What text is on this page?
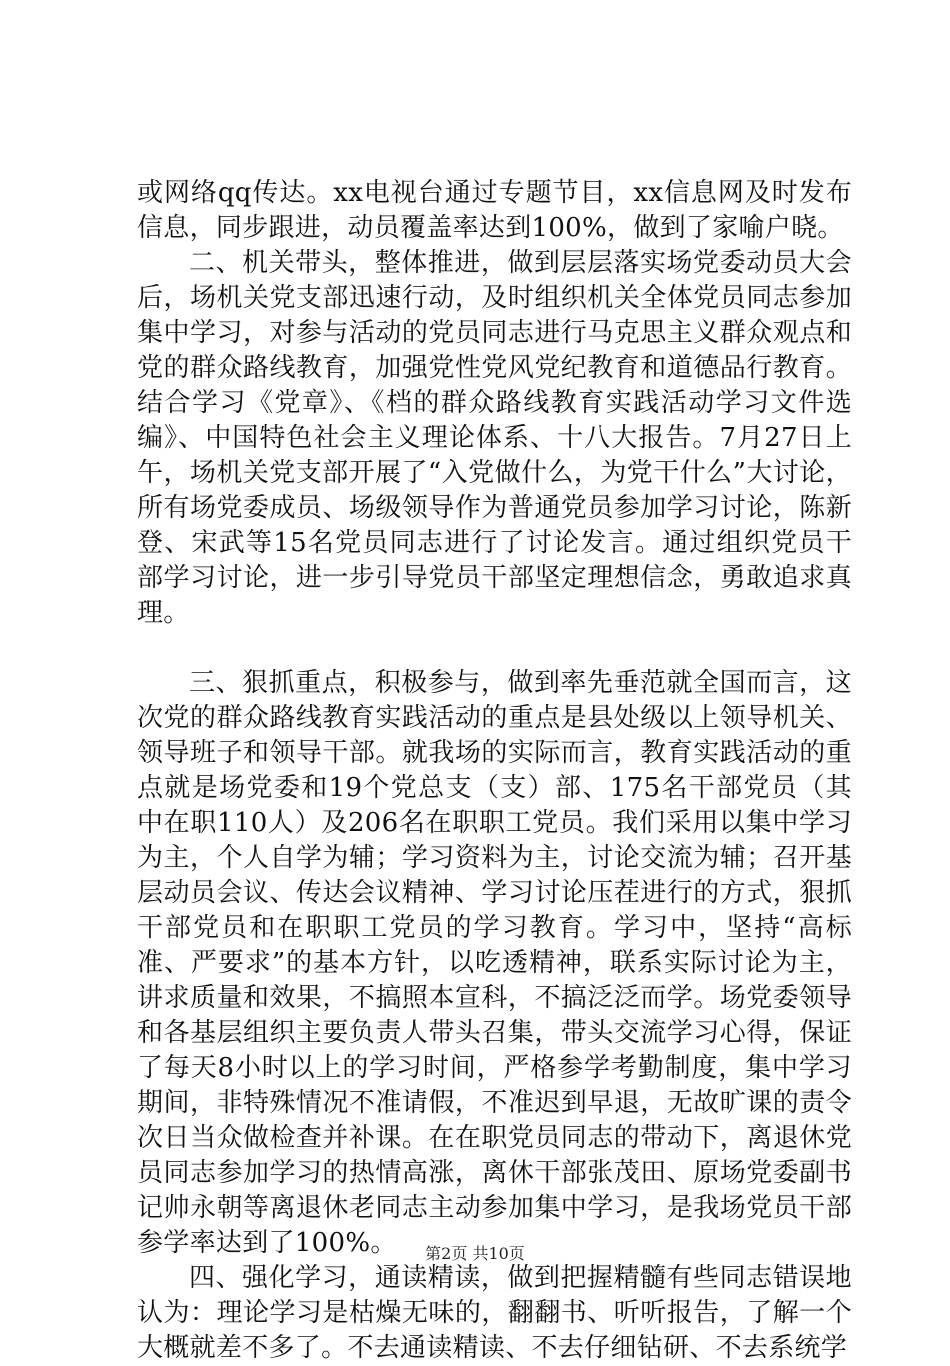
或网络qq传达。xx电视台通过专题节目，xx信息网及时发布信息，同步跟进，动员覆盖率达到100%，做到了家喻户晓。

二、机关带头，整体推进，做到层层落实场党委动员大会后，场机关党支部迅速行动，及时组织机关全体党员同志参加集中学习，对参与活动的党员同志进行马克思主义群众观点和党的群众路线教育，加强党性党风党纪教育和道德品行教育。结合学习《党章》、《档的群众路线教育实践活动学习文件选编》、中国特色社会主义理论体系、十八大报告。7月27日上午，场机关党支部开展了“入党做什么，为党干什么”大讨论，所有场党委成员、场级领导作为普通党员参加学习讨论，陈新登、宋武等15名党员同志进行了讨论发言。通过组织党员干部学习讨论，进一步引导党员干部坚定理想信念，勇敢追求真理。

三、狠抓重点，积极参与，做到率先垂范就全国而言，这次党的群众路线教育实践活动的重点是县处级以上领导机关、领导班子和领导干部。就我场的实际而言，教育实践活动的重点就是场党委和19个党总支（支）部、175名干部党员（其中在职110人）及206名在职职工党员。我们采用以集中学习为主，个人自学为辅；学习资料为主，讨论交流为辅；召开基层动员会议、传达会议精神、学习讨论压茬进行的方式，狠抓干部党员和在职职工党员的学习教育。学习中，坚持“高标准、严要求”的基本方针，以吃透精神，联系实际讨论为主，讲求质量和效果，不搞照本宣科，不搞泛泛而学。场党委领导和各基层组织主要负责人带头召集，带头交流学习心得，保证了每天8小时以上的学习时间，严格参学考勤制度，集中学习期间，非特殊情况不准请假，不准迟到早退，无故旷课的责令次日当众做检查并补课。在在职党员同志的带动下，离退休党员同志参加学习的热情高涨，离休干部张茂田、原场党委副书记帅永朝等离退休老同志主动参加集中学习，是我场党员干部参学率达到了100%。

四、强化学习，通读精读，做到把握精髓有些同志错误地认为：理论学习是枯燥无味的，翻翻书、听听报告，了解一个大概就差不多了。不去通读精读、不去仔细钻研、不去系统学

第2页 共10页
